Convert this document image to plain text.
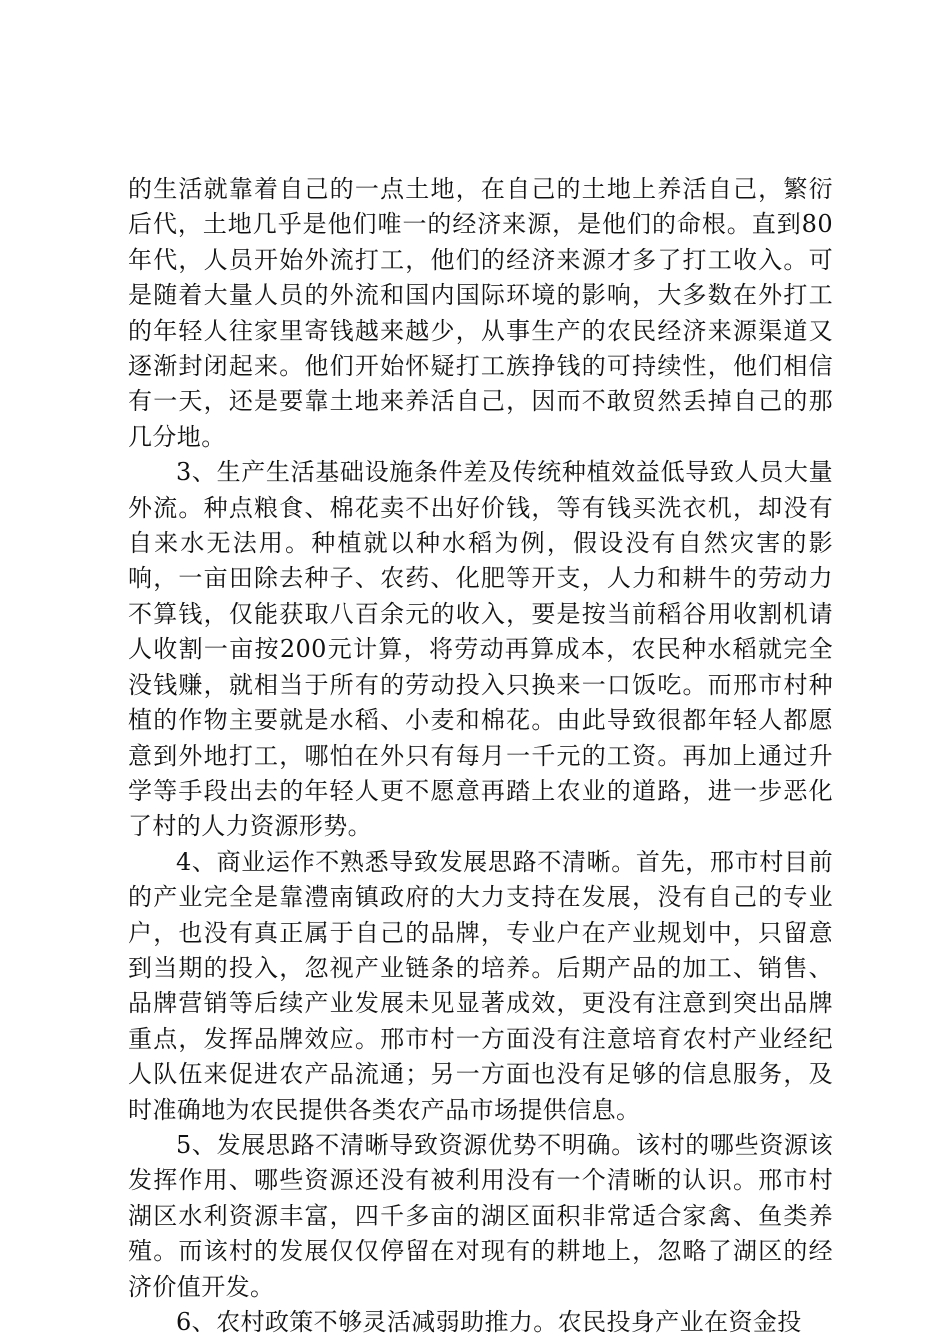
的生活就靠着自己的一点土地，在自己的土地上养活自己，繁衍后代，土地几乎是他们唯一的经济来源，是他们的命根。直到80年代，人员开始外流打工，他们的经济来源才多了打工收入。可是随着大量人员的外流和国内国际环境的影响，大多数在外打工的年轻人往家里寄钱越来越少，从事生产的农民经济来源渠道又逐渐封闭起来。他们开始怀疑打工族挣钱的可持续性，他们相信有一天，还是要靠土地来养活自己，因而不敢贸然丢掉自己的那几分地。

3、生产生活基础设施条件差及传统种植效益低导致人员大量外流。种点粮食、棉花卖不出好价钱，等有钱买洗衣机，却没有自来水无法用。种植就以种水稻为例，假设没有自然灾害的影响，一亩田除去种子、农药、化肥等开支，人力和耕牛的劳动力不算钱，仅能获取八百余元的收入，要是按当前稻谷用收割机请人收割一亩按200元计算，将劳动再算成本，农民种水稻就完全没钱赚，就相当于所有的劳动投入只换来一口饭吃。而邢市村种植的作物主要就是水稻、小麦和棉花。由此导致很都年轻人都愿意到外地打工，哪怕在外只有每月一千元的工资。再加上通过升学等手段出去的年轻人更不愿意再踏上农业的道路，进一步恶化了村的人力资源形势。

4、商业运作不熟悉导致发展思路不清晰。首先，邢市村目前的产业完全是靠澧南镇政府的大力支持在发展，没有自己的专业户，也没有真正属于自己的品牌，专业户在产业规划中，只留意到当期的投入，忽视产业链条的培养。后期产品的加工、销售、品牌营销等后续产业发展未见显著成效，更没有注意到突出品牌重点，发挥品牌效应。邢市村一方面没有注意培育农村产业经纪人队伍来促进农产品流通；另一方面也没有足够的信息服务，及时准确地为农民提供各类农产品市场提供信息。

5、发展思路不清晰导致资源优势不明确。该村的哪些资源该发挥作用、哪些资源还没有被利用没有一个清晰的认识。邢市村湖区水利资源丰富，四千多亩的湖区面积非常适合家禽、鱼类养殖。而该村的发展仅仅停留在对现有的耕地上，忽略了湖区的经济价值开发。

6、农村政策不够灵活减弱助推力。农民投身产业在资金投
